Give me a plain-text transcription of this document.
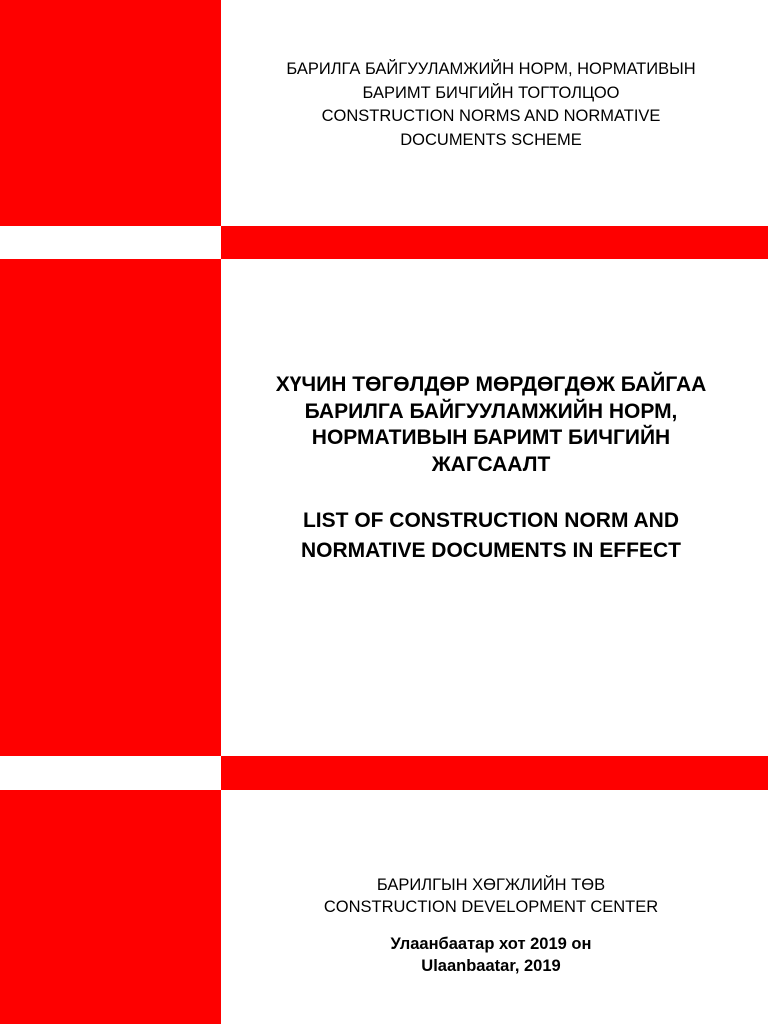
БАРИЛГА БАЙГУУЛАМЖИЙН НОРМ, НОРМАТИВЫН
БАРИМТ БИЧГИЙН ТОГТОЛЦОО
CONSTRUCTION NORMS AND NORMATIVE
DOCUMENTS SCHEME
ХҮЧИН ТӨГӨЛДӨР МӨРДӨГДӨЖ БАЙГАА
БАРИЛГА БАЙГУУЛАМЖИЙН НОРМ,
НОРМАТИВЫН БАРИМТ БИЧГИЙН
ЖАГСААЛТ
LIST OF CONSTRUCTION NORM AND
NORMATIVE DOCUMENTS IN EFFECT
БАРИЛГЫН ХӨГЖЛИЙН ТӨВ
CONSTRUCTION DEVELOPMENT CENTER
Улаанбаатар хот 2019 он
Ulaanbaatar, 2019
